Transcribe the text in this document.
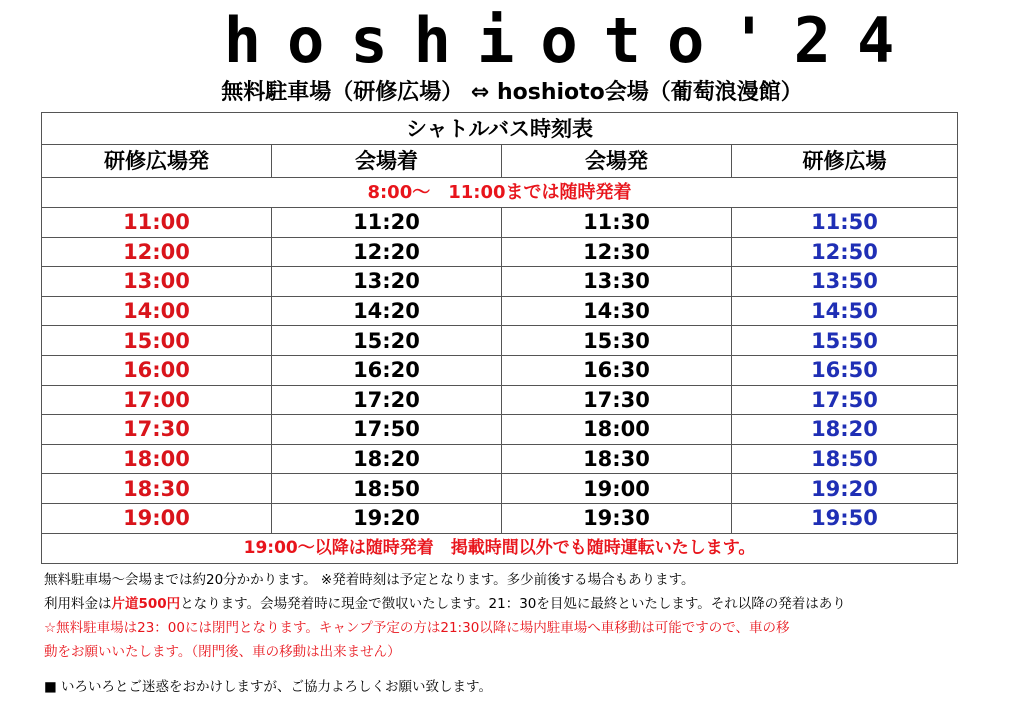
hoshioto'24
無料駐車場（研修広場） ⇔ hoshioto会場（葡萄浪漫館）
シャトルバス時刻表			
研修広場発	会場着	会場発	研修広場
8:00～　11:00までは随時発着			
11:00	11:20	11:30	11:50
12:00	12:20	12:30	12:50
13:00	13:20	13:30	13:50
14:00	14:20	14:30	14:50
15:00	15:20	15:30	15:50
16:00	16:20	16:30	16:50
17:00	17:20	17:30	17:50
17:30	17:50	18:00	18:20
18:00	18:20	18:30	18:50
18:30	18:50	19:00	19:20
19:00	19:20	19:30	19:50
19:00～以降は随時発着　掲載時間以外でも随時運転いたします。			

無料駐車場～会場までは約20分かかります。 ※発着時刻は予定となります。多少前後する場合もあります。

利用料金は片道500円となります。会場発着時に現金で徴収いたします。21：30を目処に最終といたします。それ以降の発着はあり

☆無料駐車場は23：00には閉門となります。キャンプ予定の方は21:30以降に場内駐車場へ車移動は可能ですので、車の移

動をお願いいたします。（閉門後、車の移動は出来ません）

■ いろいろとご迷惑をおかけしますが、ご協力よろしくお願い致します。
